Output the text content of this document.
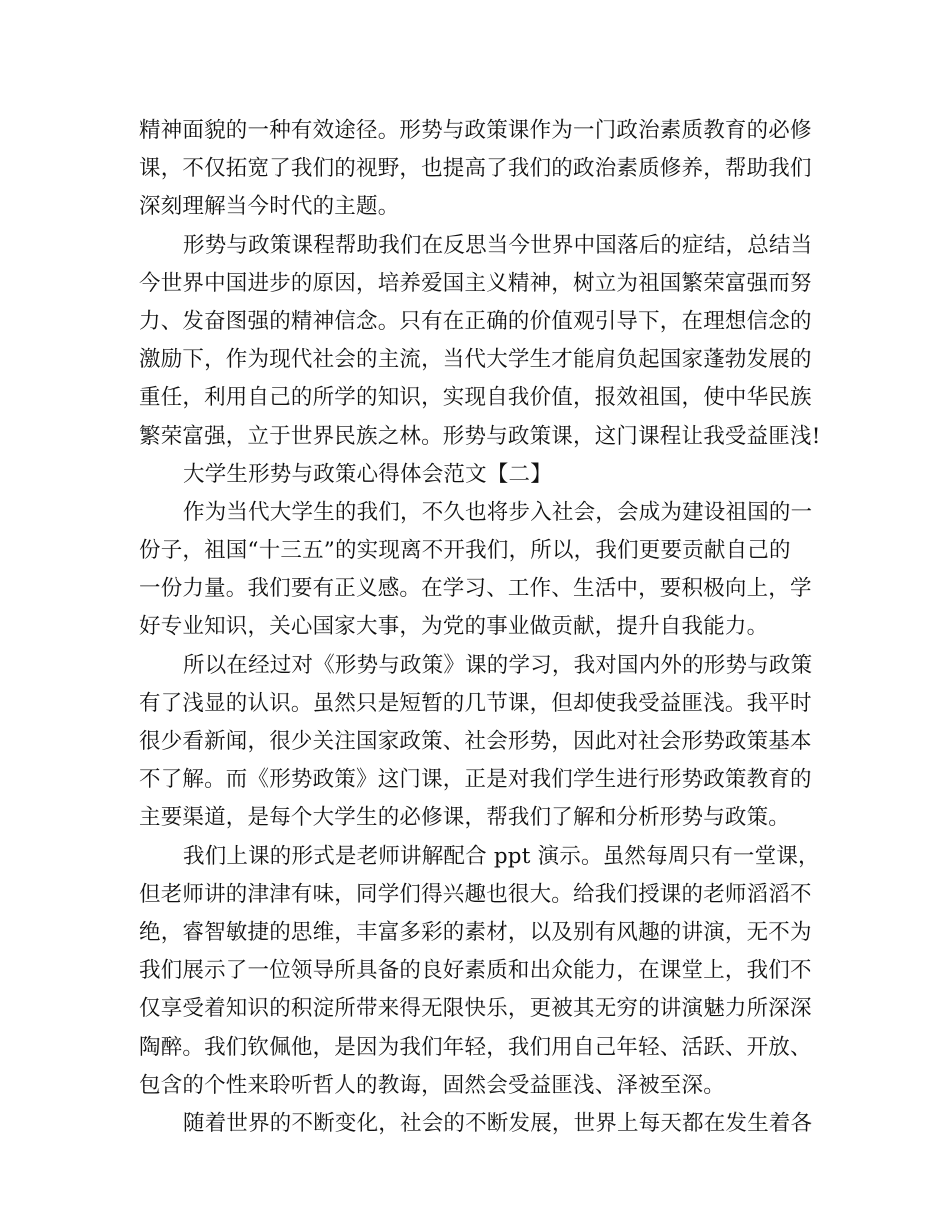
精神面貌的一种有效途径。形势与政策课作为一门政治素质教育的必修
课，不仅拓宽了我们的视野，也提高了我们的政治素质修养，帮助我们
深刻理解当今时代的主题。
形势与政策课程帮助我们在反思当今世界中国落后的症结，总结当
今世界中国进步的原因，培养爱国主义精神，树立为祖国繁荣富强而努
力、发奋图强的精神信念。只有在正确的价值观引导下，在理想信念的
激励下，作为现代社会的主流，当代大学生才能肩负起国家蓬勃发展的
重任，利用自己的所学的知识，实现自我价值，报效祖国，使中华民族
繁荣富强，立于世界民族之林。形势与政策课，这门课程让我受益匪浅!
大学生形势与政策心得体会范文【二】
作为当代大学生的我们，不久也将步入社会，会成为建设祖国的一
份子，祖国“十三五”的实现离不开我们，所以，我们更要贡献自己的
一份力量。我们要有正义感。在学习、工作、生活中，要积极向上，学
好专业知识，关心国家大事，为党的事业做贡献，提升自我能力。
所以在经过对《形势与政策》课的学习，我对国内外的形势与政策
有了浅显的认识。虽然只是短暂的几节课，但却使我受益匪浅。我平时
很少看新闻，很少关注国家政策、社会形势，因此对社会形势政策基本
不了解。而《形势政策》这门课，正是对我们学生进行形势政策教育的
主要渠道，是每个大学生的必修课，帮我们了解和分析形势与政策。
我们上课的形式是老师讲解配合 ppt 演示。虽然每周只有一堂课，
但老师讲的津津有味，同学们得兴趣也很大。给我们授课的老师滔滔不
绝，睿智敏捷的思维，丰富多彩的素材，以及别有风趣的讲演，无不为
我们展示了一位领导所具备的良好素质和出众能力，在课堂上，我们不
仅享受着知识的积淀所带来得无限快乐，更被其无穷的讲演魅力所深深
陶醉。我们钦佩他，是因为我们年轻，我们用自己年轻、活跃、开放、
包含的个性来聆听哲人的教诲，固然会受益匪浅、泽被至深。
随着世界的不断变化，社会的不断发展，世界上每天都在发生着各
